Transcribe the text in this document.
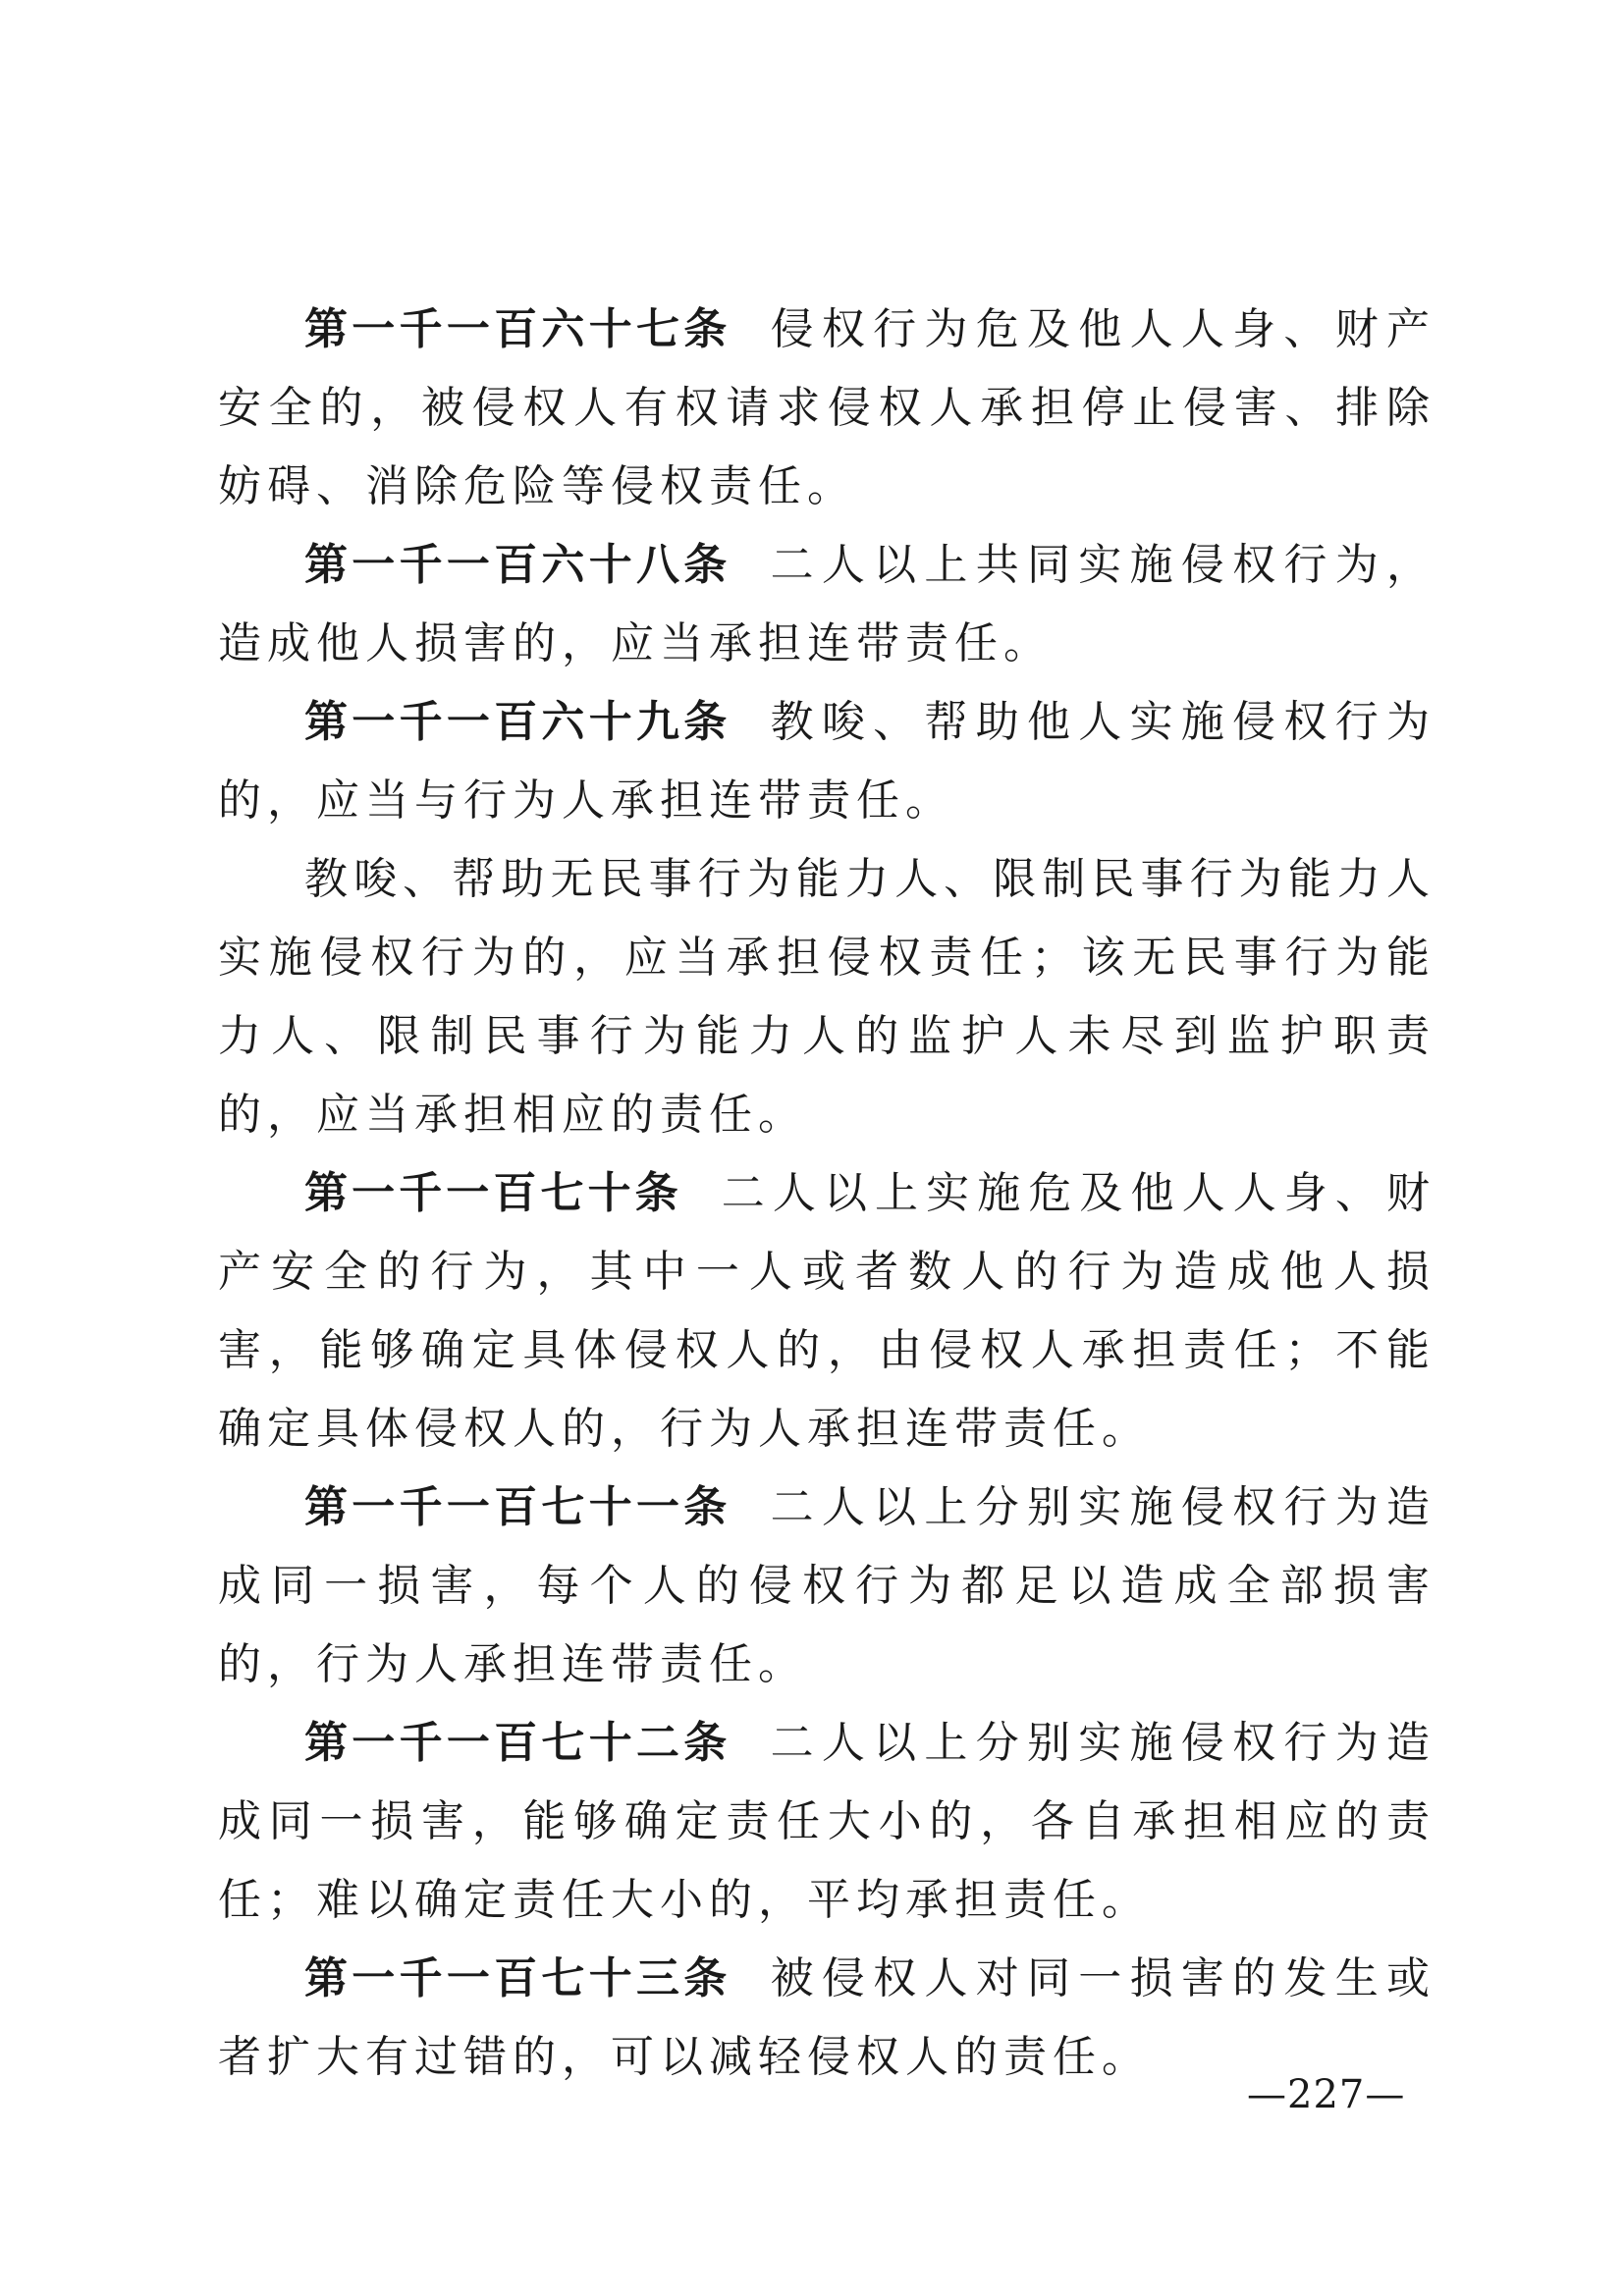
第一千一百六十七条 侵权行为危及他人人身、财产安全的，被侵权人有权请求侵权人承担停止侵害、排除妨碍、消除危险等侵权责任。

第一千一百六十八条 二人以上共同实施侵权行为，造成他人损害的，应当承担连带责任。

第一千一百六十九条 教唆、帮助他人实施侵权行为的，应当与行为人承担连带责任。

教唆、帮助无民事行为能力人、限制民事行为能力人实施侵权行为的，应当承担侵权责任；该无民事行为能力人、限制民事行为能力人的监护人未尽到监护职责的，应当承担相应的责任。

第一千一百七十条 二人以上实施危及他人人身、财产安全的行为，其中一人或者数人的行为造成他人损害，能够确定具体侵权人的，由侵权人承担责任；不能确定具体侵权人的，行为人承担连带责任。

第一千一百七十一条 二人以上分别实施侵权行为造成同一损害，每个人的侵权行为都足以造成全部损害的，行为人承担连带责任。

第一千一百七十二条 二人以上分别实施侵权行为造成同一损害，能够确定责任大小的，各自承担相应的责任；难以确定责任大小的，平均承担责任。

第一千一百七十三条 被侵权人对同一损害的发生或者扩大有过错的，可以减轻侵权人的责任。

—227—
